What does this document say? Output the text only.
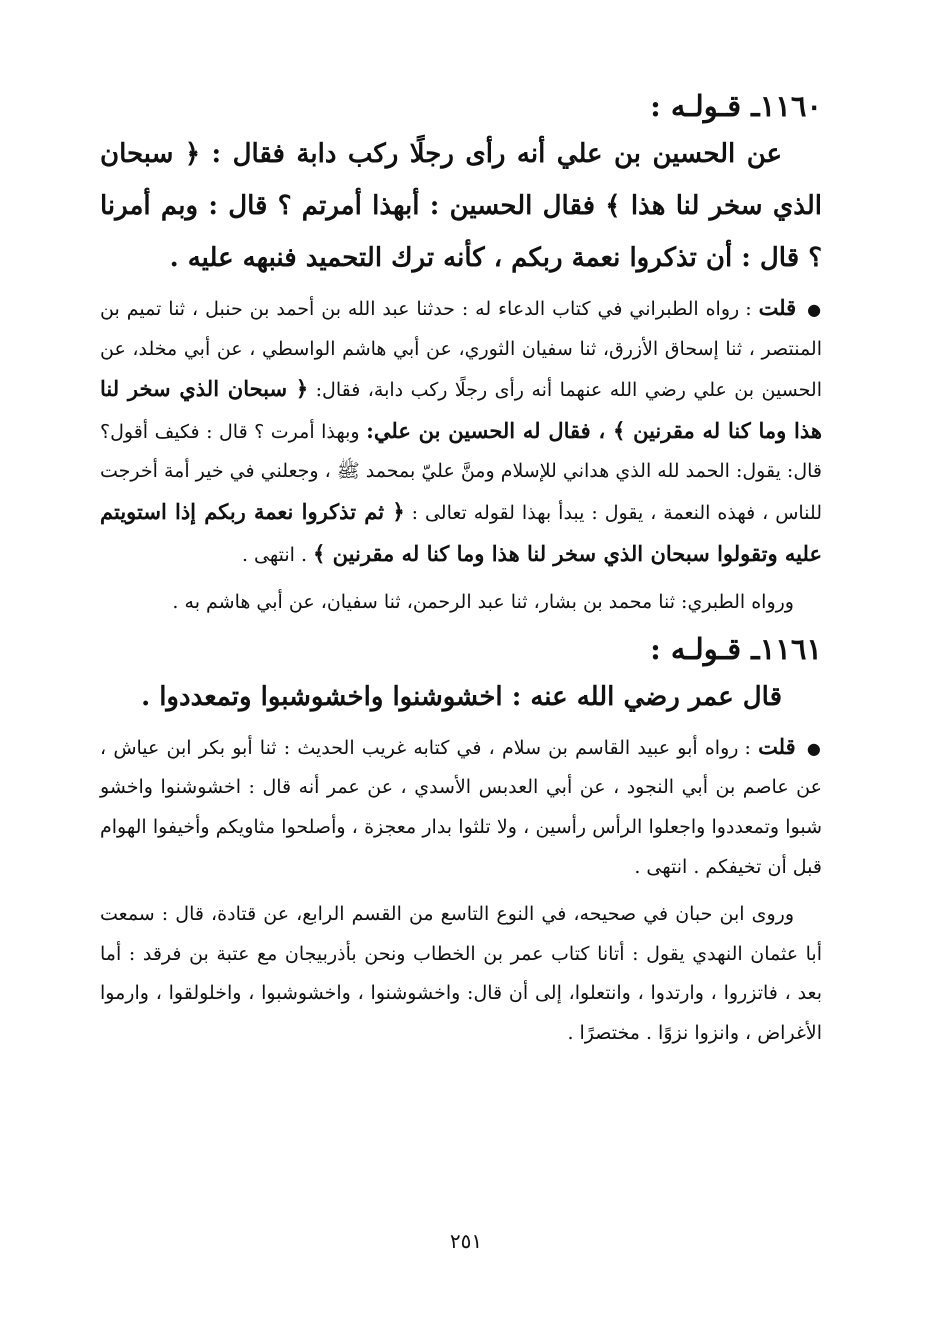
١١٦٠ـ قـولـه :

عن الحسين بن علي أنه رأى رجلًا ركب دابة فقال : ﴿ سبحان الذي سخر لنا هذا ﴾ فقال الحسين : أبهذا أمرتم ؟ قال : وبم أمرنا ؟ قال : أن تذكروا نعمة ربكم ، كأنه ترك التحميد فنبهه عليه .

● قلت : رواه الطبراني في كتاب الدعاء له : حدثنا عبد الله بن أحمد بن حنبل ، ثنا تميم بن المنتصر ، ثنا إسحاق الأزرق، ثنا سفيان الثوري، عن أبي هاشم الواسطي ، عن أبي مخلد، عن الحسين بن علي رضي الله عنهما أنه رأى رجلًا ركب دابة، فقال: ﴿ سبحان الذي سخر لنا هذا وما كنا له مقرنين ﴾ ، فقال له الحسين بن علي: وبهذا أمرت ؟ قال : فكيف أقول؟ قال: يقول: الحمد لله الذي هداني للإسلام ومنَّ عليّ بمحمد ﷺ ، وجعلني في خير أمة أخرجت للناس ، فهذه النعمة ، يقول : يبدأ بهذا لقوله تعالى : ﴿ ثم تذكروا نعمة ربكم إذا استويتم عليه وتقولوا سبحان الذي سخر لنا هذا وما كنا له مقرنين ﴾ . انتهى .

ورواه الطبري: ثنا محمد بن بشار، ثنا عبد الرحمن، ثنا سفيان، عن أبي هاشم به .

١١٦١ـ قـولـه :

قال عمر رضي الله عنه : اخشوشنوا واخشوشبوا وتمعددوا .

● قلت : رواه أبو عبيد القاسم بن سلام ، في كتابه غريب الحديث : ثنا أبو بكر ابن عياش ، عن عاصم بن أبي النجود ، عن أبي العدبس الأسدي ، عن عمر أنه قال : اخشوشنوا واخشو شبوا وتمعددوا واجعلوا الرأس رأسين ، ولا تلثوا بدار معجزة ، وأصلحوا مثاويكم وأخيفوا الهوام قبل أن تخيفكم . انتهى .

وروى ابن حبان في صحيحه، في النوع التاسع من القسم الرابع، عن قتادة، قال : سمعت أبا عثمان النهدي يقول : أتانا كتاب عمر بن الخطاب ونحن بأذربيجان مع عتبة بن فرقد : أما بعد ، فاتزروا ، وارتدوا ، وانتعلوا، إلى أن قال: واخشوشنوا ، واخشوشبوا ، واخلولقوا ، وارموا الأغراض ، وانزوا نزوًا . مختصرًا .

٢٥١
